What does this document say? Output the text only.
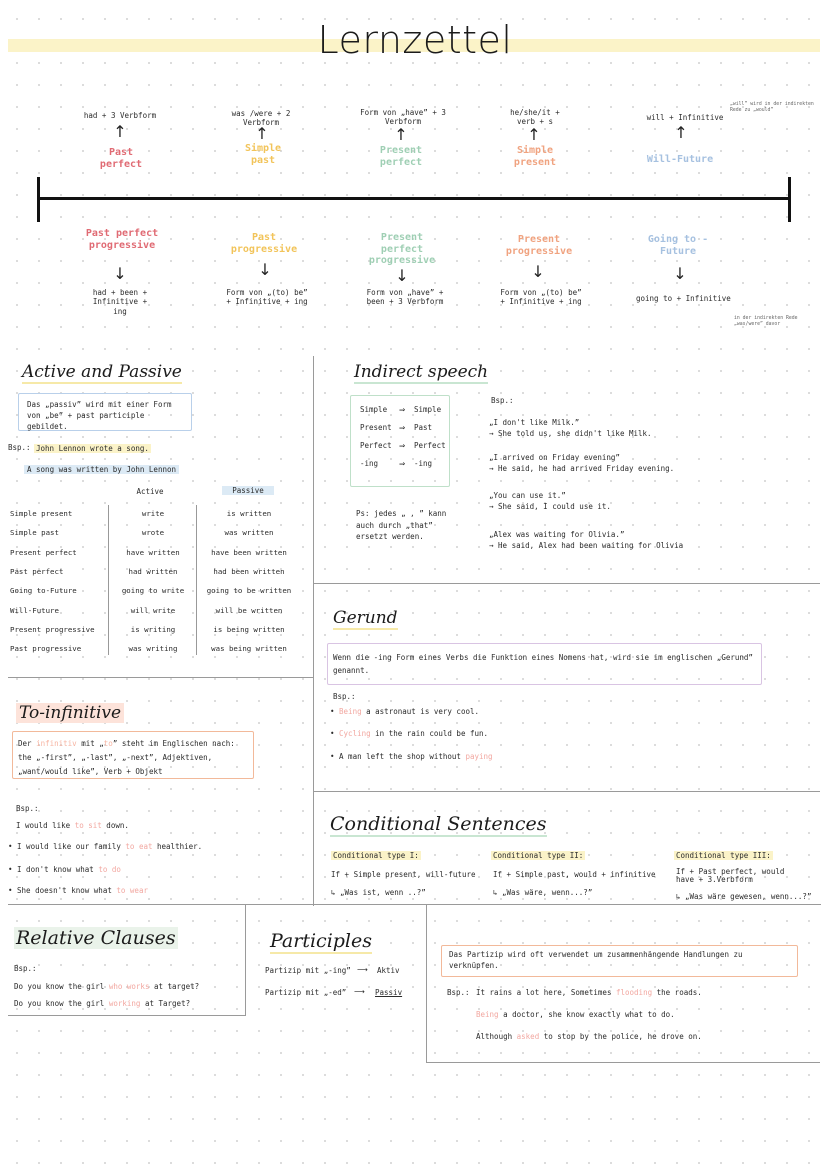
Lernzettel
had + 3 Verbform
↑
Past perfect
was /were + 2 Verbform
↑
Simple past
Form von „have” + 3 Verbform
↑
Present perfect
he/she/it + verb + s
↑
Simple present
will + Infinitive
„will” wird in der indirekten Rede zu „would”
↑
Will-Future
Past perfect progressive
↓
had + been + Infinitive + ing
Past progressive
↓
Form von „(to) be” + Infinitive + ing
Present perfect progressive
↓
Form von „have” + been + 3 Verbform
Present progressive
↓
Form von „(to) be” + Infinitive + ing
Going to - Future
↓
going to + Infinitive
in der indirekten Rede „was/were” davor
Active and Passive
Das „passiv” wird mit einer Form von „be” + past participle gebildet.
Bsp.: John Lennon wrote a song.
A song was written by John Lennon
Active	Passive
Simple present	write	is written
Simple past	wrote	was written
Present perfect	have written	have been written
Past perfect	had written	had been written
Going to-Future	going to write	going to be written
Will-Future	will write	will be written
Present progressive	is writing	is being written
Past progressive	was writing	was being written
Indirect speech
Simple	⇒ Simple
Present ⇒ Past
Perfect ⇒ Perfect
-ing	⇒ -ing
Ps: jedes „ , ” kann auch durch „that” ersetzt werden.
Bsp.:
„I don't like Milk.”
→ She told us, she didn't like Milk.
„I arrived on Friday evening”
→ He said, he had arrived Friday evening.
„You can use it.”
→ She said, I could use it.
„Alex was waiting for Olivia.”
→ He said, Alex had been waiting for Olivia
Gerund
Wenn die -ing Form eines Verbs die Funktion eines Nomens hat, wird sie im englischen „Gerund” genannt.
Bsp.:
• Being a astronaut is very cool.
• Cycling in the rain could be fun.
• A man left the shop without paying
To-infinitive
Der infinitiv mit „to” steht im Englischen nach:
the „-first”, „-last”, „-next”, Adjektiven,
„want/would like”, Verb + Objekt
Bsp.:
I would like to sit down.
• I would like our family to eat healthier.
• I don't know what to do
• She doesn't know what to wear
Conditional Sentences
Conditional type I:
If + Simple present, will-future
↳ „Was ist, wenn ..?”
Conditional type II:
If + Simple past, would + infinitive
↳ „Was wäre, wenn...?”
Conditional type III:
If + Past perfect, would have + 3.Verbform
↳ „Was wäre gewesen, wenn...?”
Relative Clauses
Bsp.:
Do you know the girl who works at target?
Do you know the girl working at Target?
Participles
Partizip mit „-ing” ⟶ Aktiv
Partizip mit „-ed” ⟶ Passiv
Das Partizip wird oft verwendet um zusammenhängende Handlungen zu verknüpfen.
Bsp.: It rains a lot here, Sometimes flooding the roads.
Being a doctor, she know exactly what to do.
Although asked to stop by the police, he drove on.
